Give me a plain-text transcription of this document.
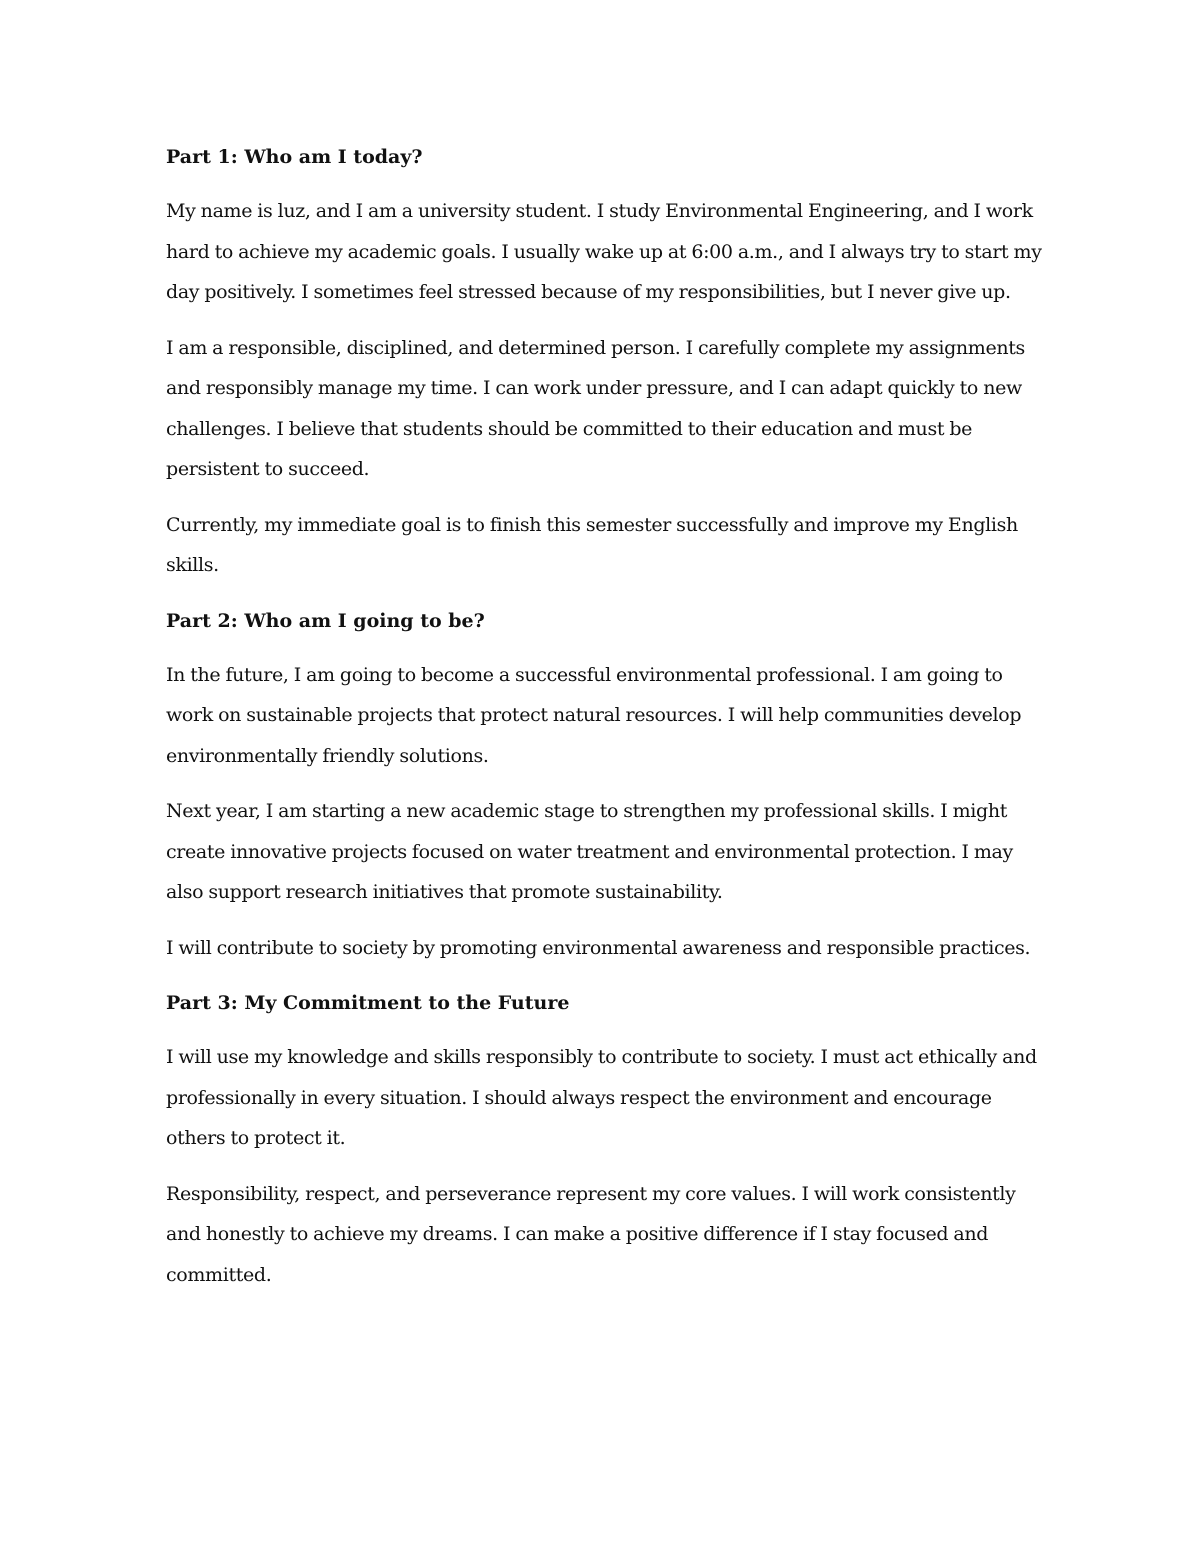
Part 1: Who am I today?

My name is luz, and I am a university student. I study Environmental Engineering, and I work hard to achieve my academic goals. I usually wake up at 6:00 a.m., and I always try to start my day positively. I sometimes feel stressed because of my responsibilities, but I never give up.

I am a responsible, disciplined, and determined person. I carefully complete my assignments and responsibly manage my time. I can work under pressure, and I can adapt quickly to new challenges. I believe that students should be committed to their education and must be persistent to succeed.

Currently, my immediate goal is to finish this semester successfully and improve my English skills.

Part 2: Who am I going to be?

In the future, I am going to become a successful environmental professional. I am going to work on sustainable projects that protect natural resources. I will help communities develop environmentally friendly solutions.

Next year, I am starting a new academic stage to strengthen my professional skills. I might create innovative projects focused on water treatment and environmental protection. I may also support research initiatives that promote sustainability.

I will contribute to society by promoting environmental awareness and responsible practices.

Part 3: My Commitment to the Future

I will use my knowledge and skills responsibly to contribute to society. I must act ethically and professionally in every situation. I should always respect the environment and encourage others to protect it.

Responsibility, respect, and perseverance represent my core values. I will work consistently and honestly to achieve my dreams. I can make a positive difference if I stay focused and committed.
